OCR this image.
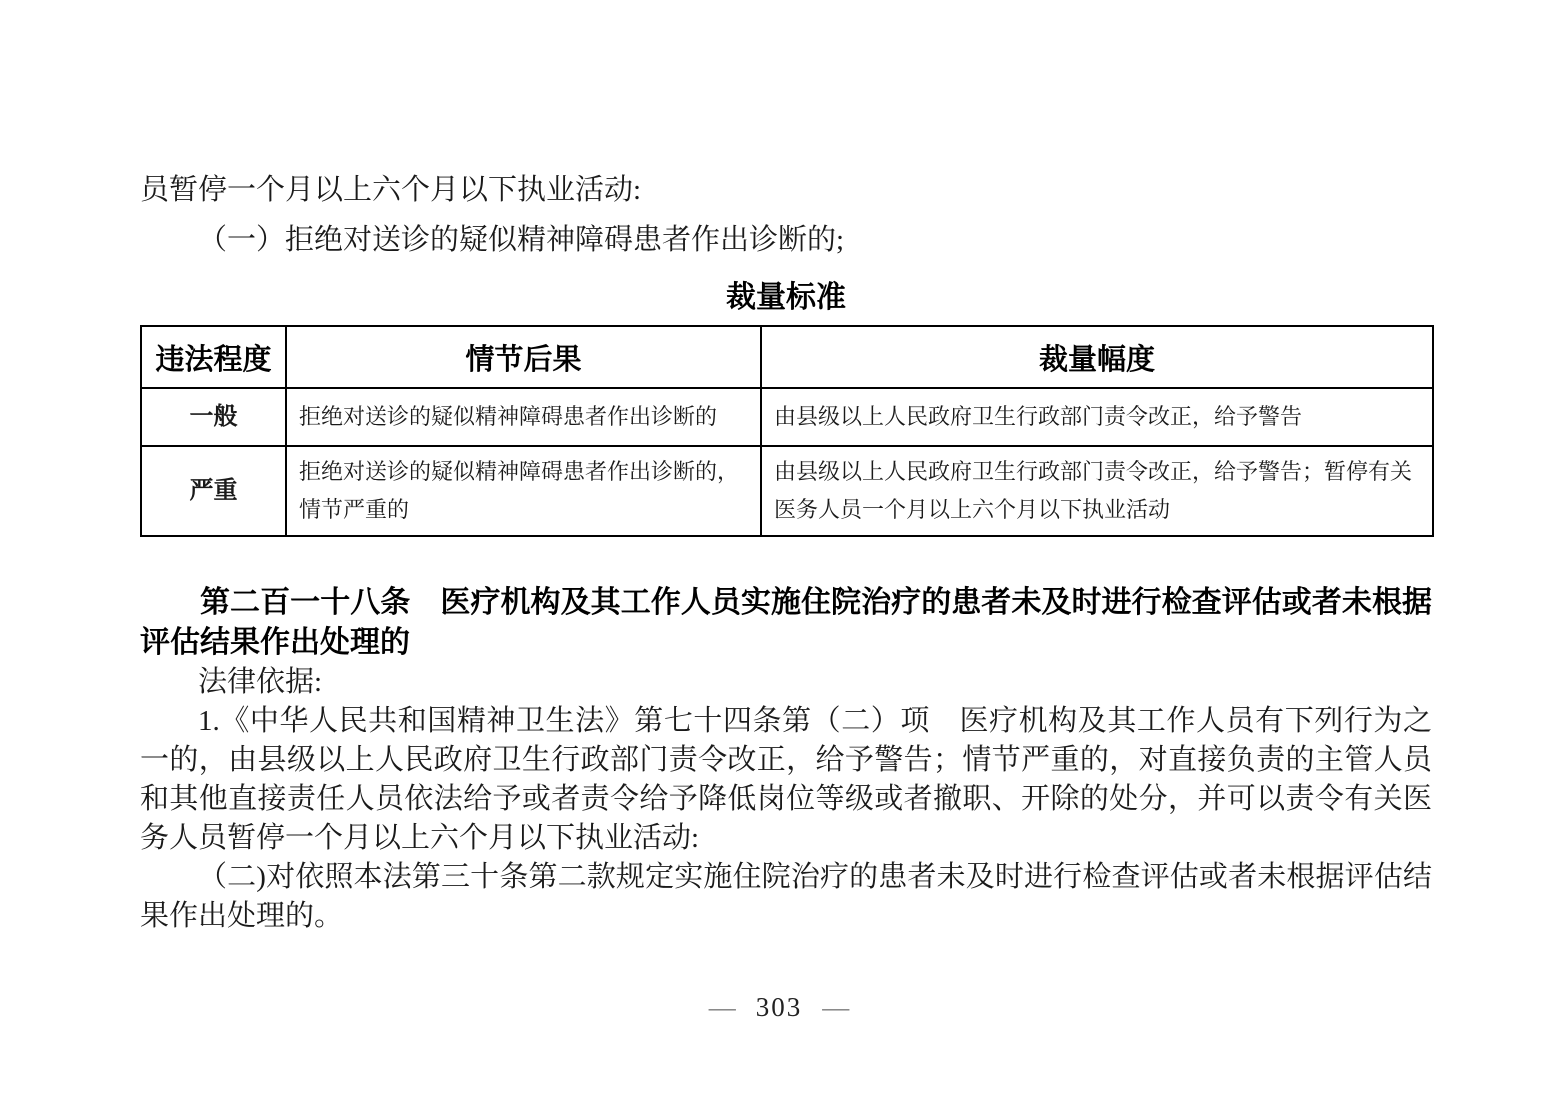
员暂停一个月以上六个月以下执业活动:

（一）拒绝对送诊的疑似精神障碍患者作出诊断的;

裁量标准
违法程度	情节后果	裁量幅度
一般	拒绝对送诊的疑似精神障碍患者作出诊断的	由县级以上人民政府卫生行政部门责令改正，给予警告
严重	拒绝对送诊的疑似精神障碍患者作出诊断的，情节严重的	由县级以上人民政府卫生行政部门责令改正，给予警告；暂停有关医务人员一个月以上六个月以下执业活动

第二百一十八条　医疗机构及其工作人员实施住院治疗的患者未及时进行检查评估或者未根据评估结果作出处理的

法律依据:

1.《中华人民共和国精神卫生法》第七十四条第（二）项　医疗机构及其工作人员有下列行为之一的，由县级以上人民政府卫生行政部门责令改正，给予警告；情节严重的，对直接负责的主管人员和其他直接责任人员依法给予或者责令给予降低岗位等级或者撤职、开除的处分，并可以责令有关医务人员暂停一个月以上六个月以下执业活动:

（二)对依照本法第三十条第二款规定实施住院治疗的患者未及时进行检查评估或者未根据评估结果作出处理的。

— 303 —
